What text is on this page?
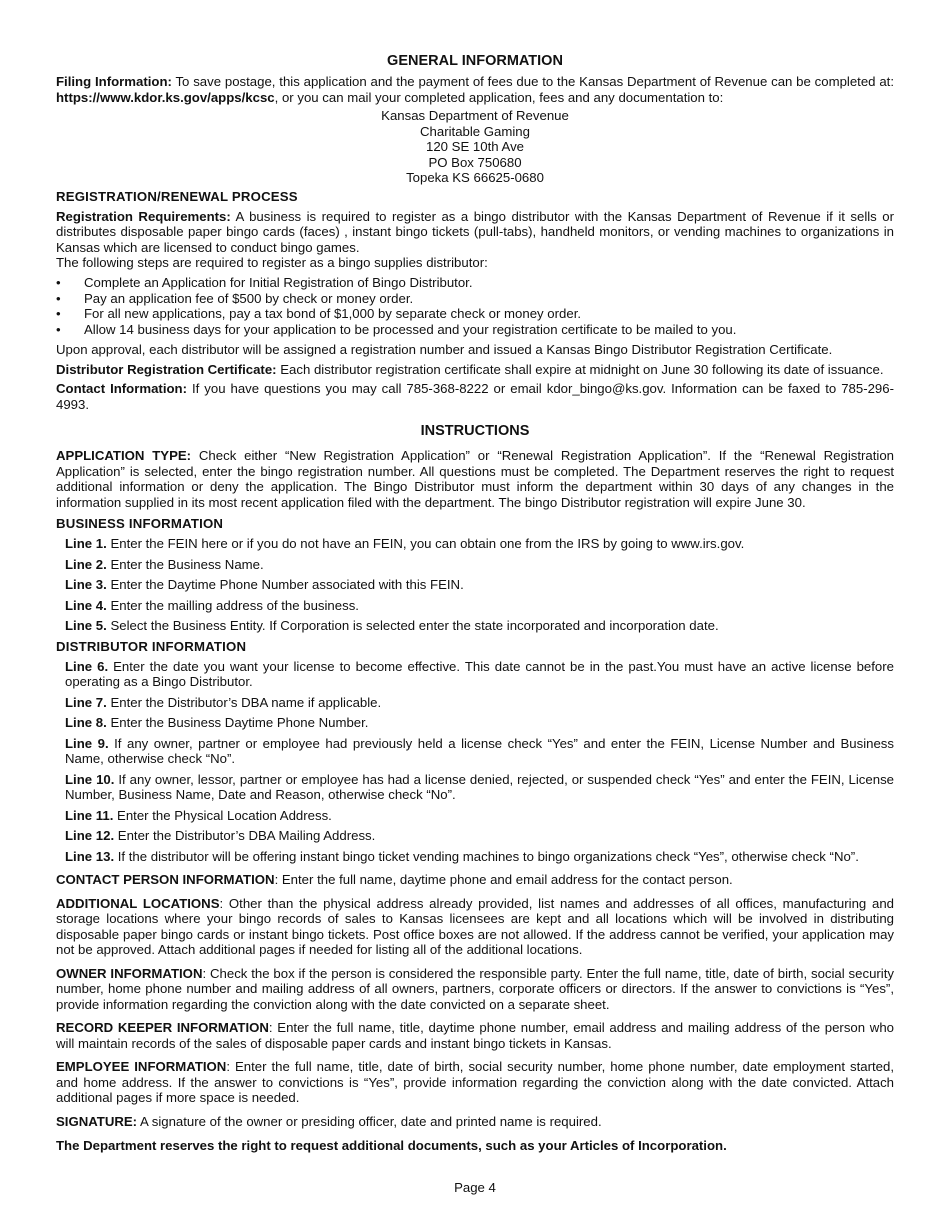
GENERAL INFORMATION

Filing Information: To save postage, this application and the payment of fees due to the Kansas Department of Revenue can be completed at: https://www.kdor.ks.gov/apps/kcsc, or you can mail your completed application, fees and any documentation to:

Kansas Department of Revenue
Charitable Gaming
120 SE 10th Ave
PO Box 750680
Topeka KS 66625-0680
REGISTRATION/RENEWAL PROCESS

Registration Requirements: A business is required to register as a bingo distributor with the Kansas Department of Revenue if it sells or distributes disposable paper bingo cards (faces) , instant bingo tickets (pull-tabs), handheld monitors, or vending machines to organizations in Kansas which are licensed to conduct bingo games.

The following steps are required to register as a bingo supplies distributor:

• Complete an Application for Initial Registration of Bingo Distributor.
• Pay an application fee of $500 by check or money order.
• For all new applications, pay a tax bond of $1,000 by separate check or money order.
• Allow 14 business days for your application to be processed and your registration certificate to be mailed to you.

Upon approval, each distributor will be assigned a registration number and issued a Kansas Bingo Distributor Registration Certificate.

Distributor Registration Certificate: Each distributor registration certificate shall expire at midnight on June 30 following its date of issuance.

Contact Information: If you have questions you may call 785-368-8222 or email kdor_bingo@ks.gov. Information can be faxed to 785-296-4993.

INSTRUCTIONS

APPLICATION TYPE: Check either “New Registration Application” or “Renewal Registration Application”. If the “Renewal Registration Application” is selected, enter the bingo registration number. All questions must be completed. The Department reserves the right to request additional information or deny the application. The Bingo Distributor must inform the department within 30 days of any changes in the information supplied in its most recent application filed with the department. The bingo Distributor registration will expire June 30.

BUSINESS INFORMATION

Line 1. Enter the FEIN here or if you do not have an FEIN, you can obtain one from the IRS by going to www.irs.gov.

Line 2. Enter the Business Name.

Line 3. Enter the Daytime Phone Number associated with this FEIN.

Line 4. Enter the mailling address of the business.

Line 5. Select the Business Entity. If Corporation is selected enter the state incorporated and incorporation date.

DISTRIBUTOR INFORMATION

Line 6. Enter the date you want your license to become effective. This date cannot be in the past.You must have an active license before operating as a Bingo Distributor.

Line 7. Enter the Distributor’s DBA name if applicable.

Line 8. Enter the Business Daytime Phone Number.

Line 9. If any owner, partner or employee had previously held a license check “Yes” and enter the FEIN, License Number and Business Name, otherwise check “No”.

Line 10. If any owner, lessor, partner or employee has had a license denied, rejected, or suspended check “Yes” and enter the FEIN, License Number, Business Name, Date and Reason, otherwise check “No”.

Line 11. Enter the Physical Location Address.

Line 12. Enter the Distributor’s DBA Mailing Address.

Line 13. If the distributor will be offering instant bingo ticket vending machines to bingo organizations check “Yes”, otherwise check “No”.

CONTACT PERSON INFORMATION: Enter the full name, daytime phone and email address for the contact person.

ADDITIONAL LOCATIONS: Other than the physical address already provided, list names and addresses of all offices, manufacturing and storage locations where your bingo records of sales to Kansas licensees are kept and all locations which will be involved in distributing disposable paper bingo cards or instant bingo tickets. Post office boxes are not allowed. If the address cannot be verified, your application may not be approved. Attach additional pages if needed for listing all of the additional locations.

OWNER INFORMATION: Check the box if the person is considered the responsible party. Enter the full name, title, date of birth, social security number, home phone number and mailing address of all owners, partners, corporate officers or directors. If the answer to convictions is “Yes”, provide information regarding the conviction along with the date convicted on a separate sheet.

RECORD KEEPER INFORMATION: Enter the full name, title, daytime phone number, email address and mailing address of the person who will maintain records of the sales of disposable paper cards and instant bingo tickets in Kansas.

EMPLOYEE INFORMATION: Enter the full name, title, date of birth, social security number, home phone number, date employment started, and home address. If the answer to convictions is “Yes”, provide information regarding the conviction along with the date convicted. Attach additional pages if more space is needed.

SIGNATURE: A signature of the owner or presiding officer, date and printed name is required.

The Department reserves the right to request additional documents, such as your Articles of Incorporation.

Page 4
